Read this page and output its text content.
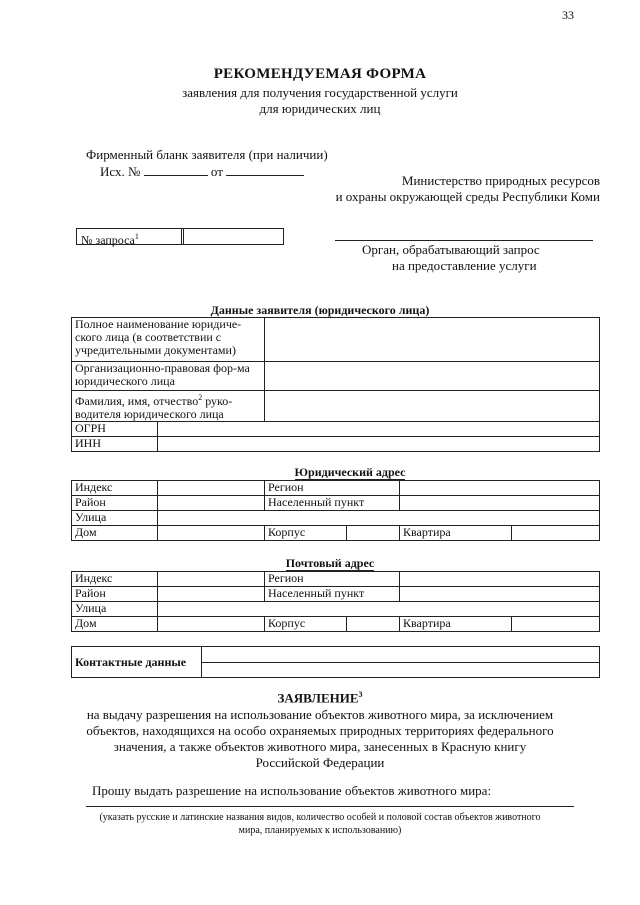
33
РЕКОМЕНДУЕМАЯ ФОРМА
заявления для получения государственной услуги
для юридических лиц
Фирменный бланк заявителя (при наличии)
Исх. №	от
Министерство природных ресурсов
и охраны окружающей среды Республики Коми
№ запроса$^1$
Орган, обрабатывающий запрос
на предоставление услуги
Данные заявителя (юридического лица)
Полное наименование юридиче-ского лица (в соответствии с учредительными документами)		
Организационно-правовая фор-ма юридического лица		
Фамилия, имя, отчество$^2$ руко-водителя юридического лица		
ОГРН		
ИНН		
Юридический адрес
Индекс		Регион			
Район		Населенный пункт			
Улица					
Дом		Корпус		Квартира	
Почтовый адрес
Индекс		Регион			
Район		Населенный пункт			
Улица					
Дом		Корпус		Квартира	
Контактные данные	
ЗАЯВЛЕНИЕ$^3$
на выдачу разрешения на использование объектов животного мира, за исключением
объектов, находящихся на особо охраняемых природных территориях федерального
значения, а также объектов животного мира, занесенных в Красную книгу
Российской Федерации
Прошу выдать разрешение на использование объектов животного мира:
(указать русские и латинские названия видов, количество особей и половой состав объектов животного
мира, планируемых к использованию)
